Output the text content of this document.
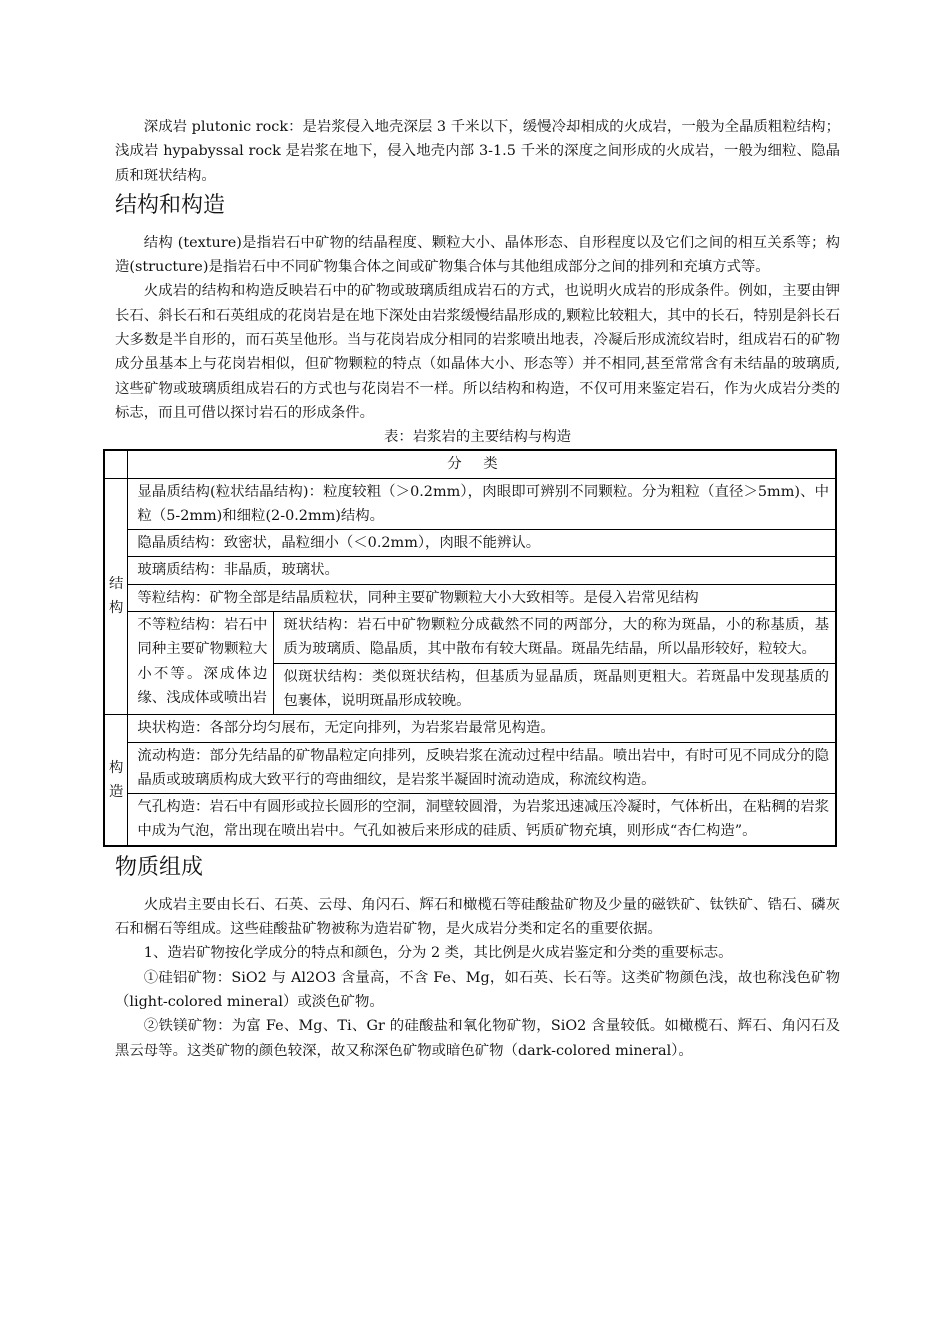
深成岩 plutonic rock：是岩浆侵入地壳深层 3 千米以下，缓慢冷却相成的火成岩，一般为全晶质粗粒结构；浅成岩 hypabyssal rock 是岩浆在地下，侵入地壳内部 3-1.5 千米的深度之间形成的火成岩，一般为细粒、隐晶质和斑状结构。

结构和构造

结构 (texture)是指岩石中矿物的结晶程度、颗粒大小、晶体形态、自形程度以及它们之间的相互关系等；构造(structure)是指岩石中不同矿物集合体之间或矿物集合体与其他组成部分之间的排列和充填方式等。

火成岩的结构和构造反映岩石中的矿物或玻璃质组成岩石的方式，也说明火成岩的形成条件。例如，主要由钾长石、斜长石和石英组成的花岗岩是在地下深处由岩浆缓慢结晶形成的,颗粒比较粗大，其中的长石，特别是斜长石大多数是半自形的，而石英呈他形。当与花岗岩成分相同的岩浆喷出地表，冷凝后形成流纹岩时，组成岩石的矿物成分虽基本上与花岗岩相似，但矿物颗粒的特点（如晶体大小、形态等）并不相同,甚至常常含有未结晶的玻璃质,这些矿物或玻璃质组成岩石的方式也与花岗岩不一样。所以结构和构造，不仅可用来鉴定岩石，作为火成岩分类的标志，而且可借以探讨岩石的形成条件。

表：岩浆岩的主要结构与构造
	分类	
结构	显晶质结构(粒状结晶结构)：粒度较粗（＞0.2mm），肉眼即可辨别不同颗粒。分为粗粒（直径＞5mm)、中粒（5-2mm)和细粒(2-0.2mm)结构。	
	隐晶质结构：致密状，晶粒细小（＜0.2mm），肉眼不能辨认。	
	玻璃质结构：非晶质，玻璃状。	
	等粒结构：矿物全部是结晶质粒状，同种主要矿物颗粒大小大致相等。是侵入岩常见结构	
	不等粒结构：岩石中同种主要矿物颗粒大小不等。深成体边缘、浅成体或喷出岩	斑状结构：岩石中矿物颗粒分成截然不同的两部分，大的称为斑晶，小的称基质，基质为玻璃质、隐晶质，其中散布有较大斑晶。斑晶先结晶，所以晶形较好，粒较大。
		似斑状结构：类似斑状结构，但基质为显晶质，斑晶则更粗大。若斑晶中发现基质的包裹体，说明斑晶形成较晚。
构造	块状构造：各部分均匀展布，无定向排列，为岩浆岩最常见构造。	
	流动构造：部分先结晶的矿物晶粒定向排列，反映岩浆在流动过程中结晶。喷出岩中，有时可见不同成分的隐晶质或玻璃质构成大致平行的弯曲细纹，是岩浆半凝固时流动造成，称流纹构造。	
	气孔构造：岩石中有圆形或拉长圆形的空洞，洞壁较圆滑，为岩浆迅速减压冷凝时，气体析出，在粘稠的岩浆中成为气泡，常出现在喷出岩中。气孔如被后来形成的硅质、钙质矿物充填，则形成“杏仁构造”。	
物质组成

火成岩主要由长石、石英、云母、角闪石、辉石和橄榄石等硅酸盐矿物及少量的磁铁矿、钛铁矿、锆石、磷灰石和榍石等组成。这些硅酸盐矿物被称为造岩矿物，是火成岩分类和定名的重要依据。

1、造岩矿物按化学成分的特点和颜色，分为 2 类，其比例是火成岩鉴定和分类的重要标志。

①硅铝矿物：SiO2 与 Al2O3 含量高，不含 Fe、Mg，如石英、长石等。这类矿物颜色浅，故也称浅色矿物（light-colored mineral）或淡色矿物。

②铁镁矿物：为富 Fe、Mg、Ti、Gr 的硅酸盐和氧化物矿物，SiO2 含量较低。如橄榄石、辉石、角闪石及黑云母等。这类矿物的颜色较深，故又称深色矿物或暗色矿物（dark-colored mineral）。
